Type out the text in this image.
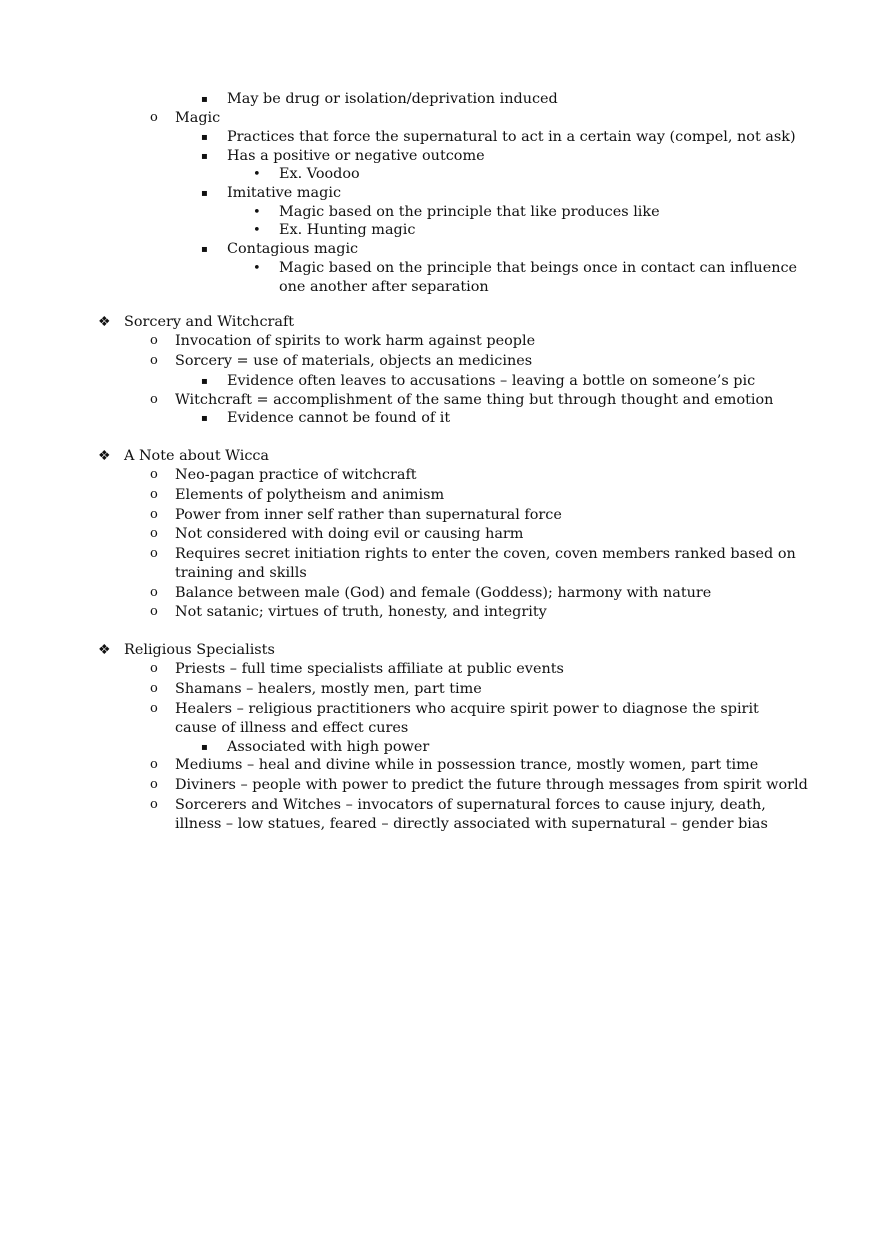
▪ May be drug or isolation/deprivation induced
o Magic
▪ Practices that force the supernatural to act in a certain way (compel, not ask)
▪ Has a positive or negative outcome
• Ex. Voodoo
▪ Imitative magic
• Magic based on the principle that like produces like
• Ex. Hunting magic
▪ Contagious magic
• Magic based on the principle that beings once in contact can influence one another after separation
❖ Sorcery and Witchcraft
o Invocation of spirits to work harm against people
o Sorcery = use of materials, objects an medicines
▪ Evidence often leaves to accusations – leaving a bottle on someone’s pic
o Witchcraft = accomplishment of the same thing but through thought and emotion
▪ Evidence cannot be found of it
❖ A Note about Wicca
o Neo-pagan practice of witchcraft
o Elements of polytheism and animism
o Power from inner self rather than supernatural force
o Not considered with doing evil or causing harm
o Requires secret initiation rights to enter the coven, coven members ranked based on training and skills
o Balance between male (God) and female (Goddess); harmony with nature
o Not satanic; virtues of truth, honesty, and integrity
❖ Religious Specialists
o Priests – full time specialists affiliate at public events
o Shamans – healers, mostly men, part time
o Healers – religious practitioners who acquire spirit power to diagnose the spirit cause of illness and effect cures
▪ Associated with high power
o Mediums – heal and divine while in possession trance, mostly women, part time
o Diviners – people with power to predict the future through messages from spirit world
o Sorcerers and Witches – invocators of supernatural forces to cause injury, death, illness – low statues, feared – directly associated with supernatural – gender bias
